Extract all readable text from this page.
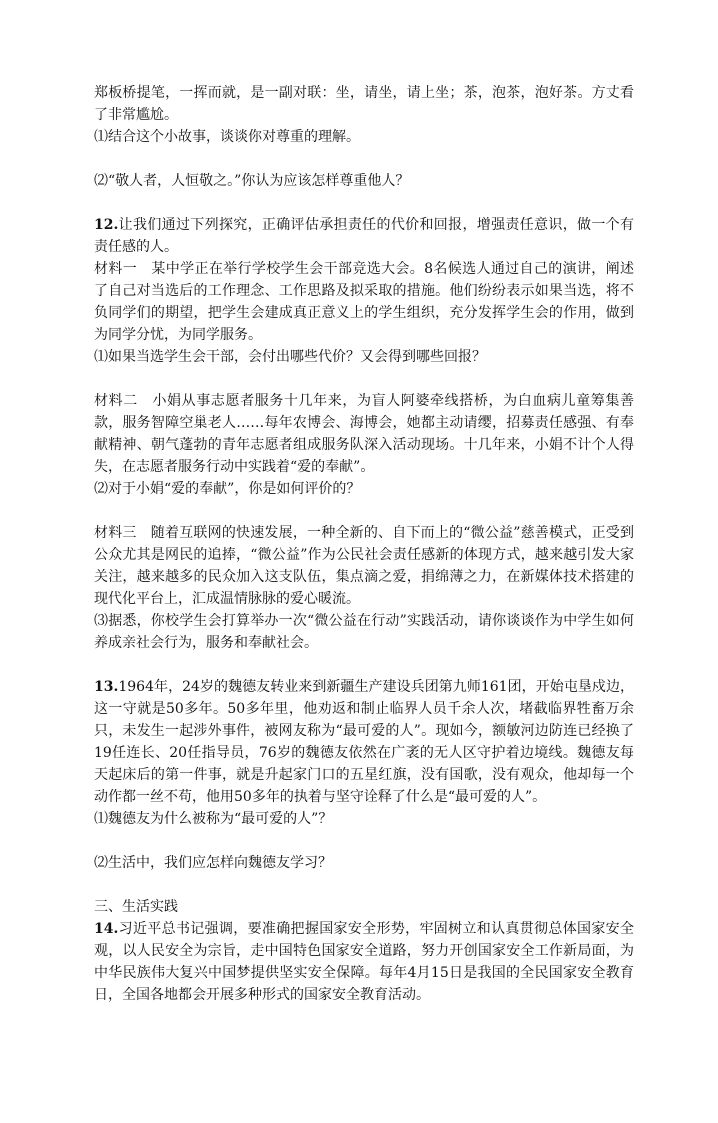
郑板桥提笔，一挥而就，是一副对联：坐，请坐，请上坐；茶，泡茶，泡好茶。方丈看了非常尴尬。

⑴结合这个小故事，谈谈你对尊重的理解。

⑵“敬人者，人恒敬之。”你认为应该怎样尊重他人？

12.让我们通过下列探究，正确评估承担责任的代价和回报，增强责任意识，做一个有责任感的人。

材料一　某中学正在举行学校学生会干部竞选大会。8名候选人通过自己的演讲，阐述了自己对当选后的工作理念、工作思路及拟采取的措施。他们纷纷表示如果当选，将不负同学们的期望，把学生会建成真正意义上的学生组织，充分发挥学生会的作用，做到为同学分忧，为同学服务。

⑴如果当选学生会干部，会付出哪些代价？又会得到哪些回报？

材料二　小娟从事志愿者服务十几年来，为盲人阿婆牵线搭桥，为白血病儿童筹集善款，服务智障空巢老人……每年农博会、海博会，她都主动请缨，招募责任感强、有奉献精神、朝气蓬勃的青年志愿者组成服务队深入活动现场。十几年来，小娟不计个人得失，在志愿者服务行动中实践着“爱的奉献”。

⑵对于小娟“爱的奉献”，你是如何评价的？

材料三　随着互联网的快速发展，一种全新的、自下而上的“微公益”慈善模式，正受到公众尤其是网民的追捧，“微公益”作为公民社会责任感新的体现方式，越来越引发大家关注，越来越多的民众加入这支队伍，集点滴之爱，捐绵薄之力，在新媒体技术搭建的现代化平台上，汇成温情脉脉的爱心暖流。

⑶据悉，你校学生会打算举办一次“微公益在行动”实践活动，请你谈谈作为中学生如何养成亲社会行为，服务和奉献社会。

13.1964年，24岁的魏德友转业来到新疆生产建设兵团第九师161团，开始屯垦戍边，这一守就是50多年。50多年里，他劝返和制止临界人员千余人次，堵截临界牲畜万余只，未发生一起涉外事件，被网友称为“最可爱的人”。现如今，额敏河边防连已经换了19任连长、20任指导员，76岁的魏德友依然在广袤的无人区守护着边境线。魏德友每天起床后的第一件事，就是升起家门口的五星红旗，没有国歌，没有观众，他却每一个动作都一丝不苟，他用50多年的执着与坚守诠释了什么是“最可爱的人”。

⑴魏德友为什么被称为“最可爱的人”？

⑵生活中，我们应怎样向魏德友学习？

三、生活实践

14.习近平总书记强调，要准确把握国家安全形势，牢固树立和认真贯彻总体国家安全观，以人民安全为宗旨，走中国特色国家安全道路，努力开创国家安全工作新局面，为中华民族伟大复兴中国梦提供坚实安全保障。每年4月15日是我国的全民国家安全教育日，全国各地都会开展多种形式的国家安全教育活动。
